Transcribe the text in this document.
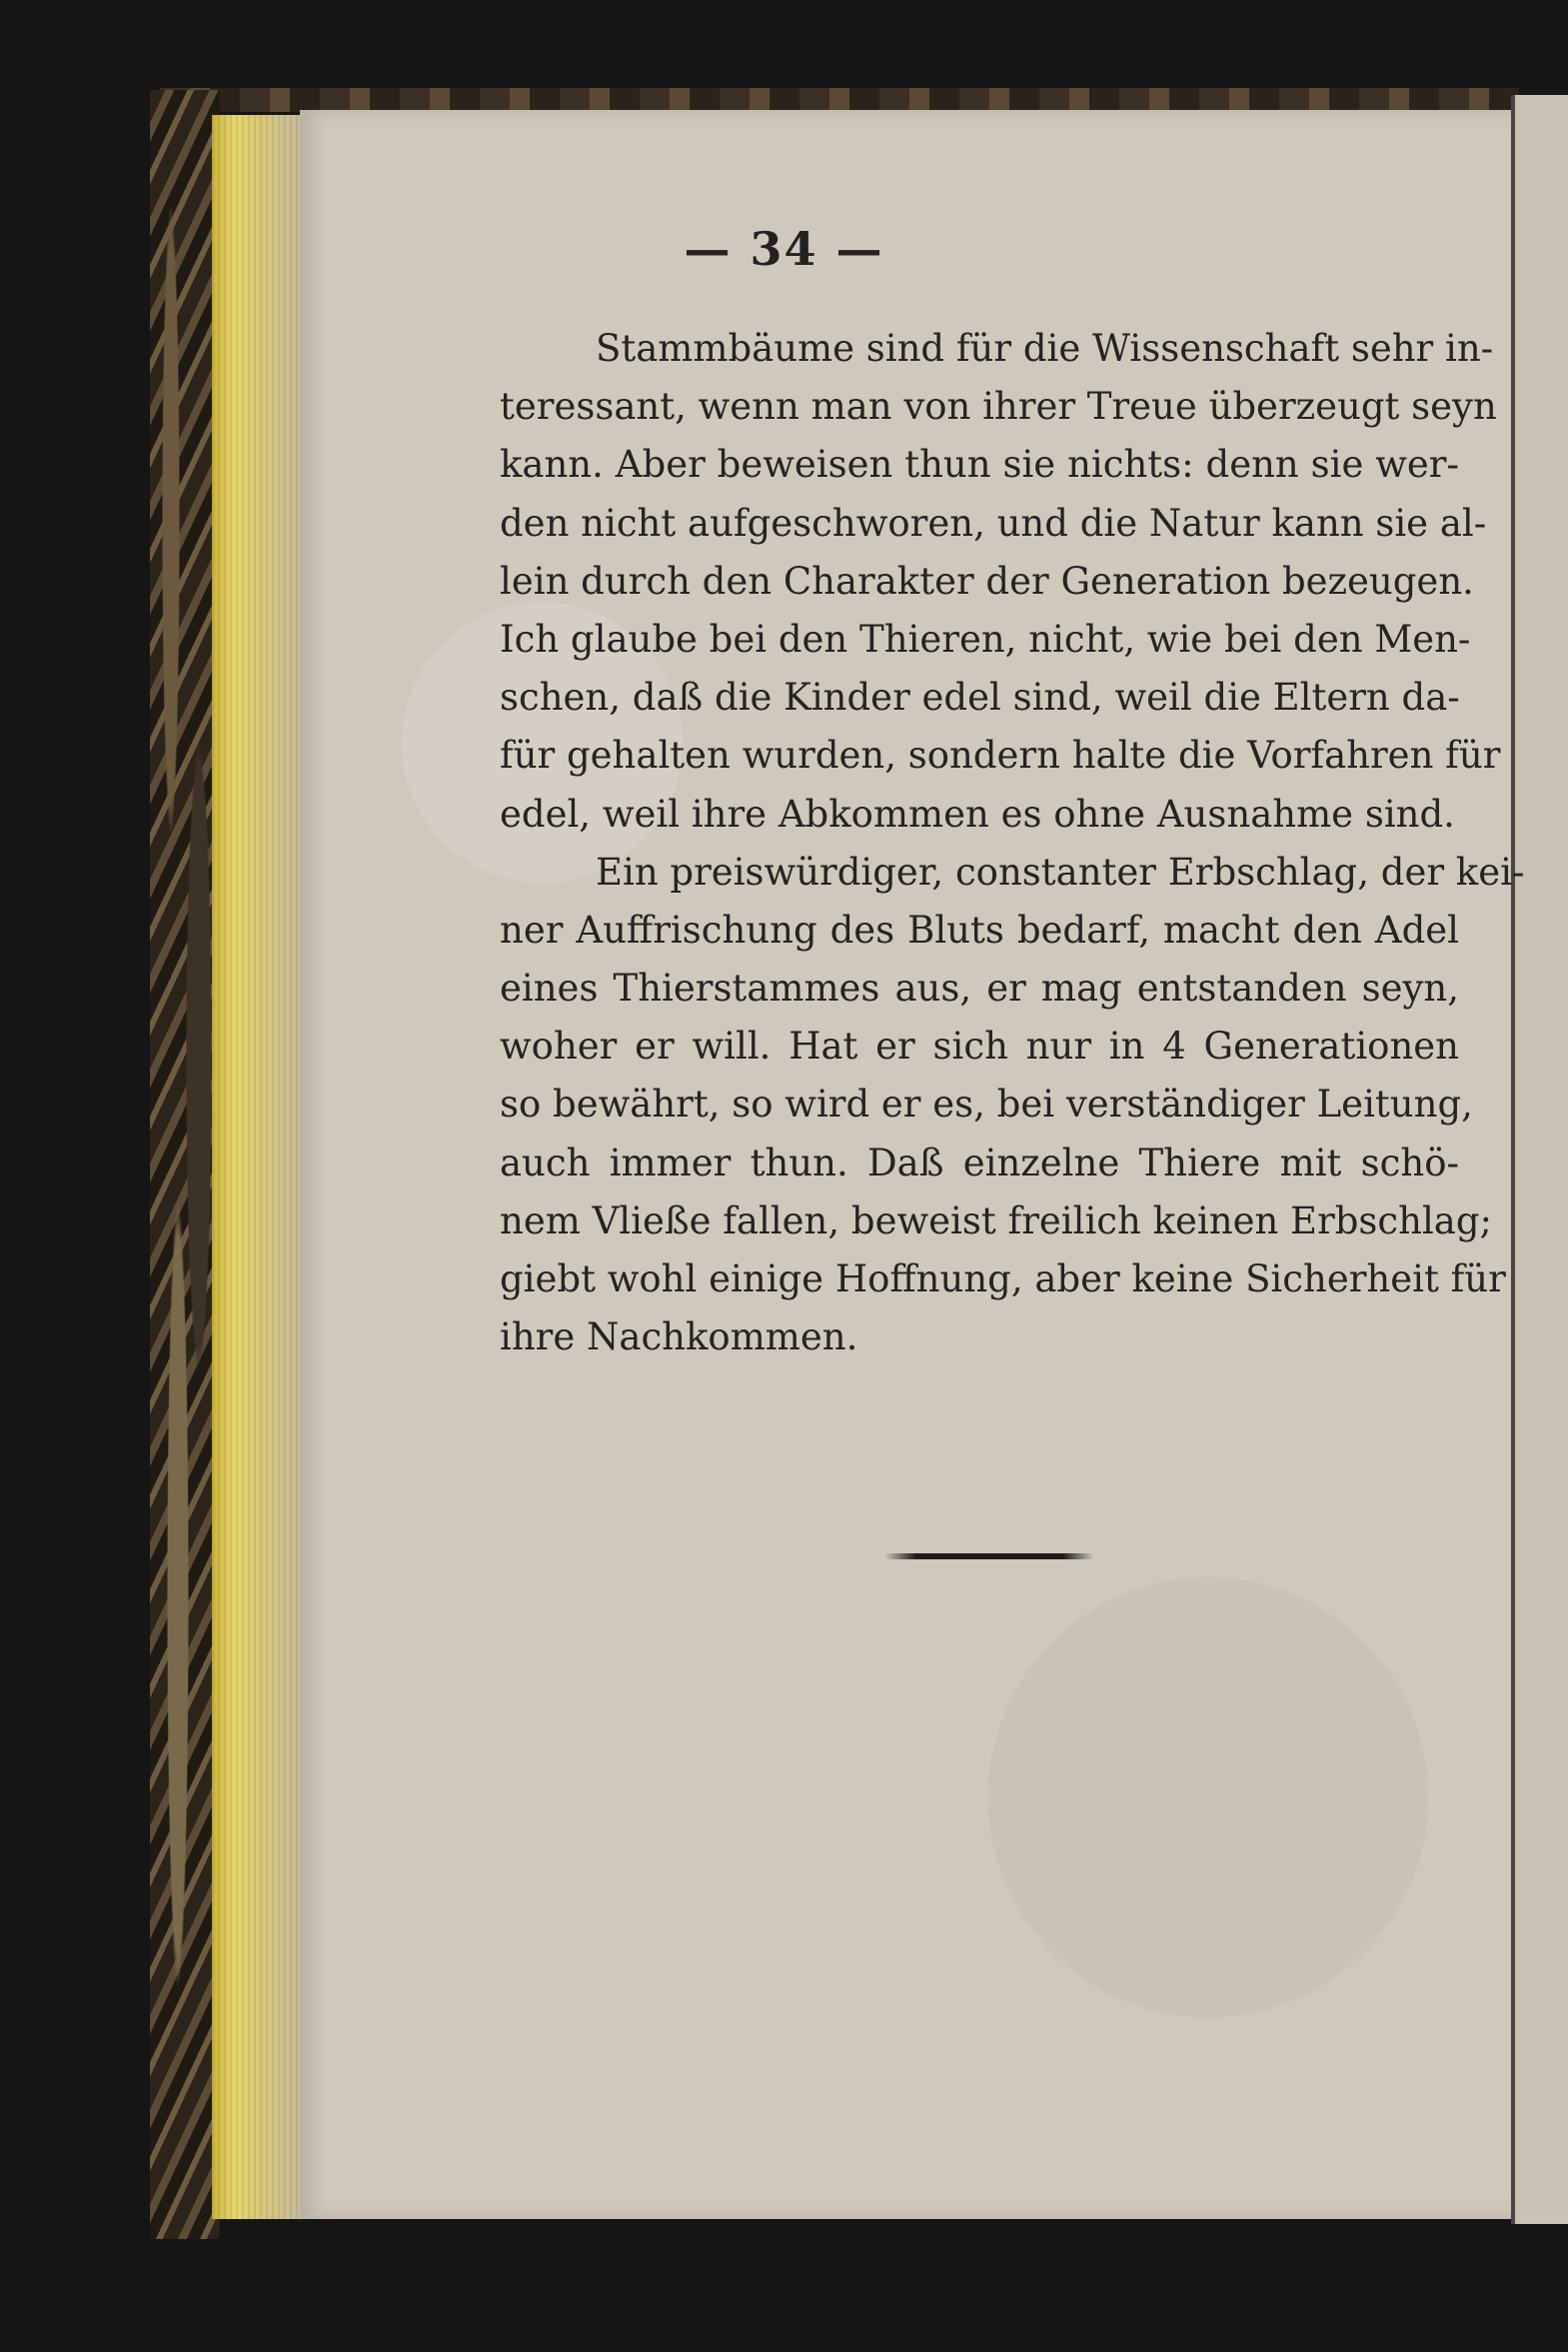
— 34 —
Stammbäume sind für die Wissenschaft sehr in-
teressant, wenn man von ihrer Treue überzeugt seyn
kann. Aber beweisen thun sie nichts: denn sie wer-
den nicht aufgeschworen, und die Natur kann sie al-
lein durch den Charakter der Generation bezeugen.
Ich glaube bei den Thieren, nicht, wie bei den Men-
schen, daß die Kinder edel sind, weil die Eltern da-
für gehalten wurden, sondern halte die Vorfahren für
edel, weil ihre Abkommen es ohne Ausnahme sind.
Ein preiswürdiger, constanter Erbschlag, der kei-
ner Auffrischung des Bluts bedarf, macht den Adel
eines Thierstammes aus, er mag entstanden seyn,
woher er will. Hat er sich nur in 4 Generationen
so bewährt, so wird er es, bei verständiger Leitung,
auch immer thun. Daß einzelne Thiere mit schö-
nem Vließe fallen, beweist freilich keinen Erbschlag;
giebt wohl einige Hoffnung, aber keine Sicherheit für
ihre Nachkommen.
